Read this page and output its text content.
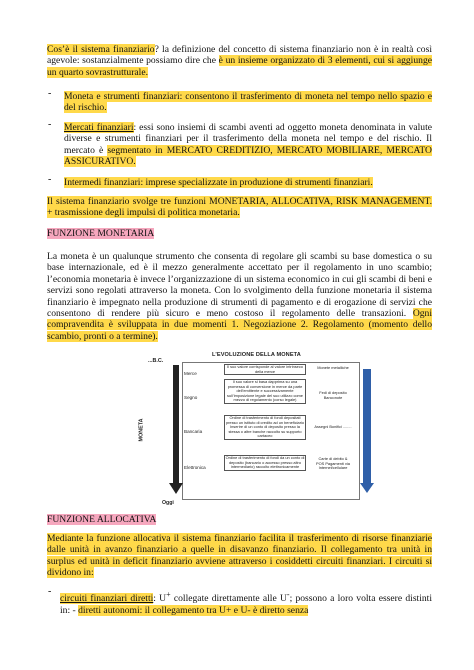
Cos’è il sistema finanziario? la definizione del concetto di sistema finanziario non è in realtà così agevole: sostanzialmente possiamo dire che è un insieme organizzato di 3 elementi, cui si aggiunge un quarto sovrastrutturale.
- Moneta e strumenti finanziari: consentono il trasferimento di moneta nel tempo nello spazio e del rischio.
- Mercati finanziari: essi sono insiemi di scambi aventi ad oggetto moneta denominata in valute diverse e strumenti finanziari per il trasferimento della moneta nel tempo e del rischio. Il mercato è segmentato in MERCATO CREDITIZIO, MERCATO MOBILIARE, MERCATO ASSICURATIVO.
- Intermedi finanziari: imprese specializzate in produzione di strumenti finanziari.
Il sistema finanziario svolge tre funzioni MONETARIA, ALLOCATIVA, RISK MANAGEMENT. + trasmissione degli impulsi di politica monetaria.
FUNZIONE MONETARIA
La moneta è un qualunque strumento che consenta di regolare gli scambi su base domestica o su base internazionale, ed è il mezzo generalmente accettato per il regolamento in uno scambio; l’economia monetaria è invece l’organizzazione di un sistema economico in cui gli scambi di beni e servizi sono regolati attraverso la moneta. Con lo svolgimento della funzione monetaria il sistema finanziario è impegnato nella produzione di strumenti di pagamento e di erogazione di servizi che consentono di rendere più sicuro e meno costoso il regolamento delle transazioni. Ogni compravendita è sviluppata in due momenti 1. Negoziazione 2. Regolamento (momento dello scambio, pronti o a termine).
L’EVOLUZIONE DELLA MONETA
...B.C.
MONETA
Oggi
Riduzione costi e rischi di regolamento
Merce
Il suo valore corrisponde al valore intrinseco della merce
Monete metalliche
Segno
Il suo valore si basa dapprima su una promessa di conversione in merce da parte dell’emittente e successivamente sull’imposizione legale del suo utilizzo come mezzo di regolamento (corso legale)
Fedi di deposito Banconote
Bancaria
Ordine di trasferimento di fondi depositati presso un istituto di credito ad un beneficiario Inserire di un conto di deposito presso la stessa o altre banche raccolto su supporto cartaceo
Assegni Bonifici ........
Elettronica
Ordine di trasferimento di fondi da un conto di deposito (bancario o accesso presso altro intermediario) raccolto elettronicamente
Carte di debito & POS Pagamenti via Internet/cellulare
FUNZIONE ALLOCATIVA
Mediante la funzione allocativa il sistema finanziario facilita il trasferimento di risorse finanziarie dalle unità in avanzo finanziario a quelle in disavanzo finanziario. Il collegamento tra unità in surplus ed unità in deficit finanziario avviene attraverso i cosiddetti circuiti finanziari. I circuiti si dividono in:
-
circuiti finanziari diretti: U+ collegate direttamente alle U-; possono a loro volta essere distinti in: - diretti autonomi: il collegamento tra U+ e U- è diretto senza
